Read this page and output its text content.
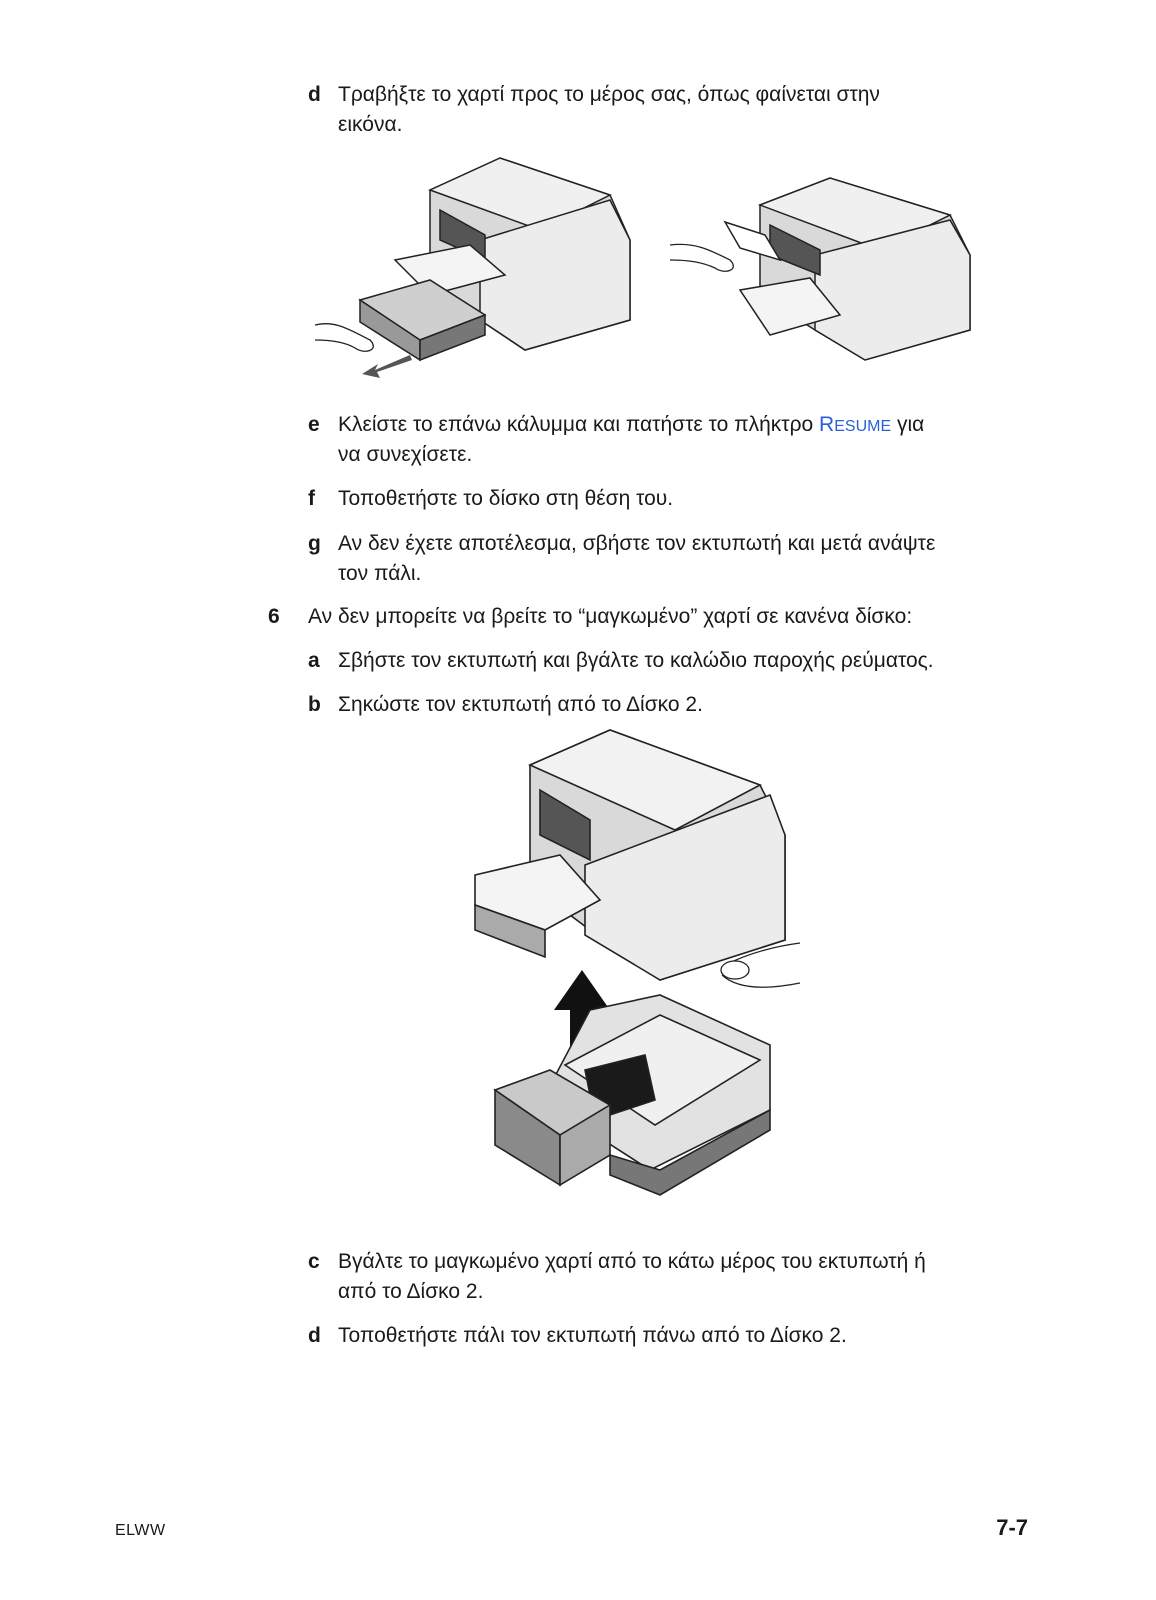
d Τραβήξτε το χαρτί προς το μέρος σας, όπως φαίνεται στην
εικόνα.
e Κλείστε το επάνω κάλυμμα και πατήστε το πλήκτρο RESUME για
να συνεχίσετε.
f Τοποθετήστε το δίσκο στη θέση του.
g Αν δεν έχετε αποτέλεσμα, σβήστε τον εκτυπωτή και μετά ανάψτε
τον πάλι.
6 Αν δεν μπορείτε να βρείτε το “μαγκωμένο” χαρτί σε κανένα δίσκο:
a Σβήστε τον εκτυπωτή και βγάλτε το καλώδιο παροχής ρεύματος.
b Σηκώστε τον εκτυπωτή από το Δίσκο 2.
c Βγάλτε το μαγκωμένο χαρτί από το κάτω μέρος του εκτυπωτή ή
από το Δίσκο 2.
d Τοποθετήστε πάλι τον εκτυπωτή πάνω από το Δίσκο 2.
ELWW	7-7
